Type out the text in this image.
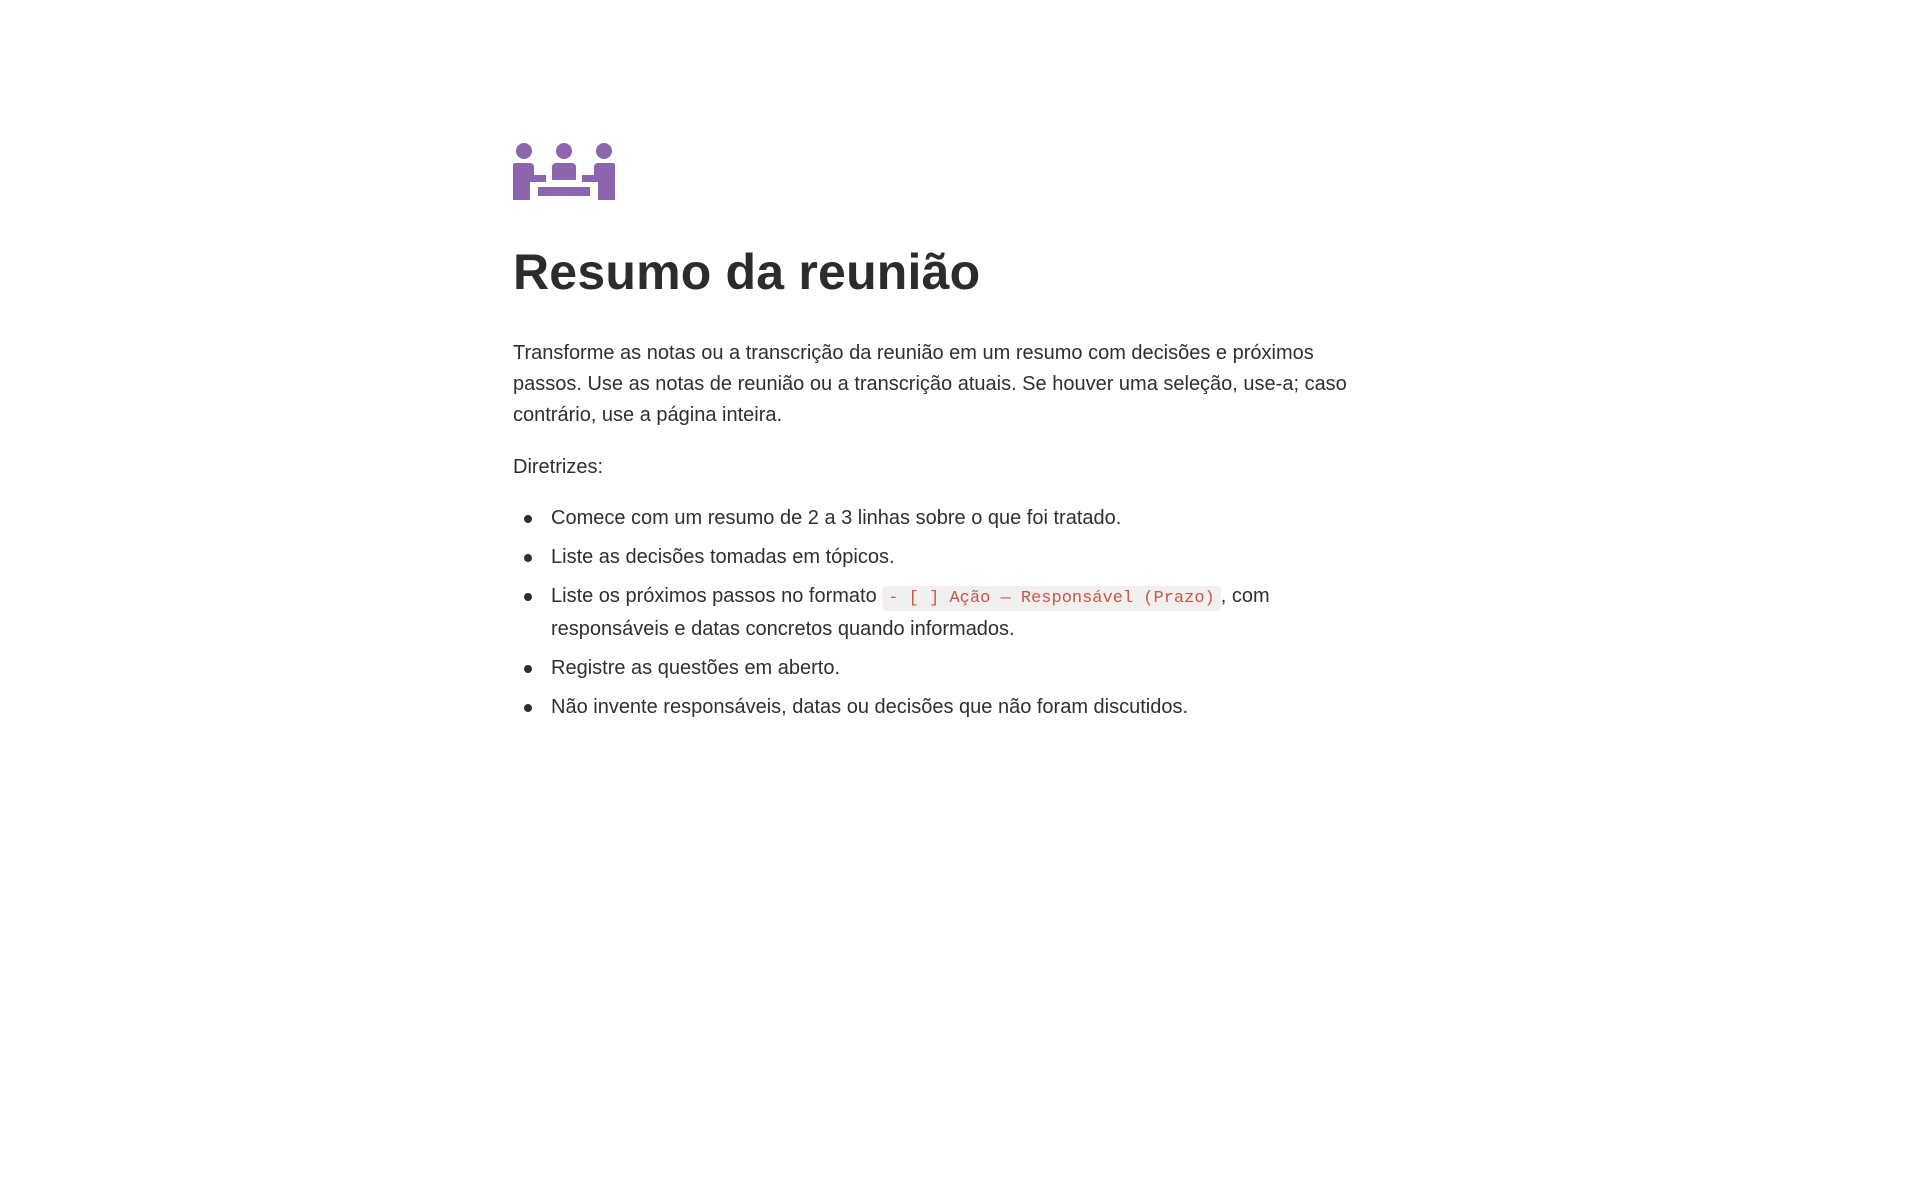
Resumo da reunião

Transforme as notas ou a transcrição da reunião em um resumo com decisões e próximos passos. Use as notas de reunião ou a transcrição atuais. Se houver uma seleção, use-a; caso contrário, use a página inteira.

Diretrizes:

Comece com um resumo de 2 a 3 linhas sobre o que foi tratado.
Liste as decisões tomadas em tópicos.
Liste os próximos passos no formato - [ ] Ação — Responsável (Prazo) , com responsáveis e datas concretos quando informados.
Registre as questões em aberto.
Não invente responsáveis, datas ou decisões que não foram discutidos.
